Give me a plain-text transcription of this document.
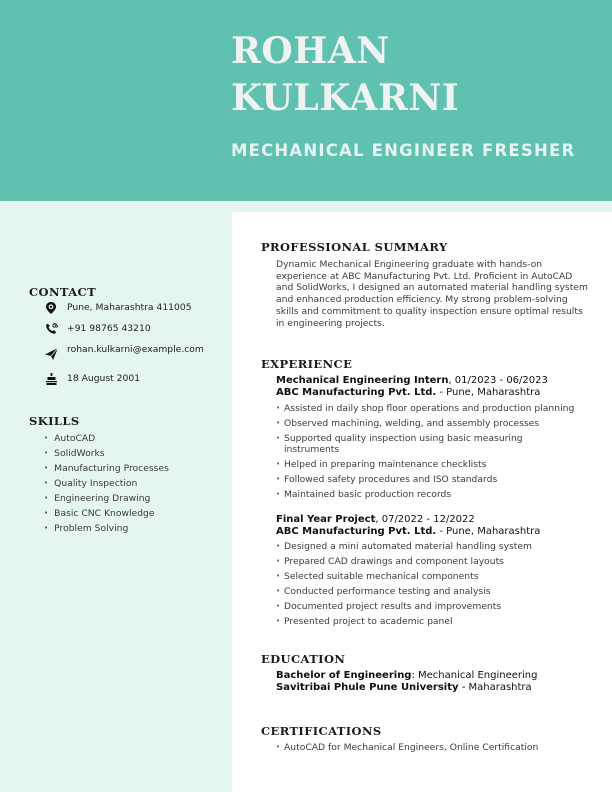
ROHAN
KULKARNI
MECHANICAL ENGINEER FRESHER
CONTACT
Pune, Maharashtra 411005
+91 98765 43210
rohan.kulkarni@example.com
18 August 2001
SKILLS
• AutoCAD
• SolidWorks
• Manufacturing Processes
• Quality Inspection
• Engineering Drawing
• Basic CNC Knowledge
• Problem Solving
PROFESSIONAL SUMMARY
Dynamic Mechanical Engineering graduate with hands-on experience at ABC Manufacturing Pvt. Ltd. Proficient in AutoCAD and SolidWorks, I designed an automated material handling system and enhanced production efficiency. My strong problem-solving skills and commitment to quality inspection ensure optimal results in engineering projects.
EXPERIENCE
Mechanical Engineering Intern, 01/2023 - 06/2023
ABC Manufacturing Pvt. Ltd. - Pune, Maharashtra
• Assisted in daily shop floor operations and production planning
• Observed machining, welding, and assembly processes
• Supported quality inspection using basic measuring instruments
• Helped in preparing maintenance checklists
• Followed safety procedures and ISO standards
• Maintained basic production records
Final Year Project, 07/2022 - 12/2022
ABC Manufacturing Pvt. Ltd. - Pune, Maharashtra
• Designed a mini automated material handling system
• Prepared CAD drawings and component layouts
• Selected suitable mechanical components
• Conducted performance testing and analysis
• Documented project results and improvements
• Presented project to academic panel
EDUCATION
Bachelor of Engineering: Mechanical Engineering
Savitribai Phule Pune University - Maharashtra
CERTIFICATIONS
• AutoCAD for Mechanical Engineers, Online Certification
